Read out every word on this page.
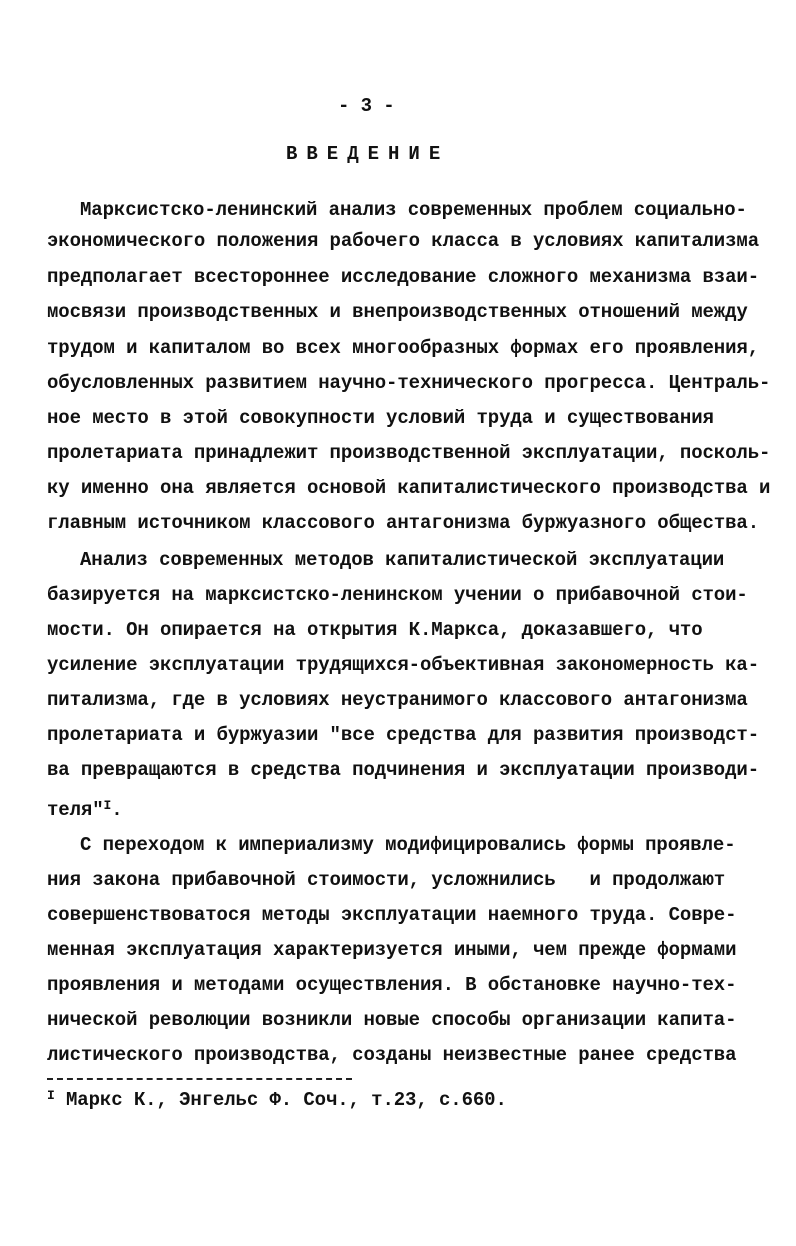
- 3 -
ВВЕДЕНИЕ
Марксистско-ленинский анализ современных проблем социально-
экономического положения рабочего класса в условиях капитализма
предполагает всестороннее исследование сложного механизма взаи-
мосвязи производственных и внепроизводственных отношений между
трудом и капиталом во всех многообразных формах его проявления,
обусловленных развитием научно-технического прогресса. Централь-
ное место в этой совокупности условий труда и существования
пролетариата принадлежит производственной эксплуатации, посколь-
ку именно она является основой капиталистического производства и
главным источником классового антагонизма буржуазного общества.
Анализ современных методов капиталистической эксплуатации
базируется на марксистско-ленинском учении о прибавочной стои-
мости. Он опирается на открытия К.Маркса, доказавшего, что
усиление эксплуатации трудящихся-объективная закономерность ка-
питализма, где в условиях неустранимого классового антагонизма
пролетариата и буржуазии "все средства для развития производст-
ва превращаются в средства подчинения и эксплуатации производи-
теля"$^I$.
С переходом к империализму модифицировались формы проявле-
ния закона прибавочной стоимости, усложнились   и продолжают
совершенствоватося методы эксплуатации наемного труда. Совре-
менная эксплуатация характеризуется иными, чем прежде формами
проявления и методами осуществления. В обстановке научно-тех-
нической революции возникли новые способы организации капита-
листического производства, созданы неизвестные ранее средства
$^I$ Маркс К., Энгельс Ф. Соч., т.23, с.660.
